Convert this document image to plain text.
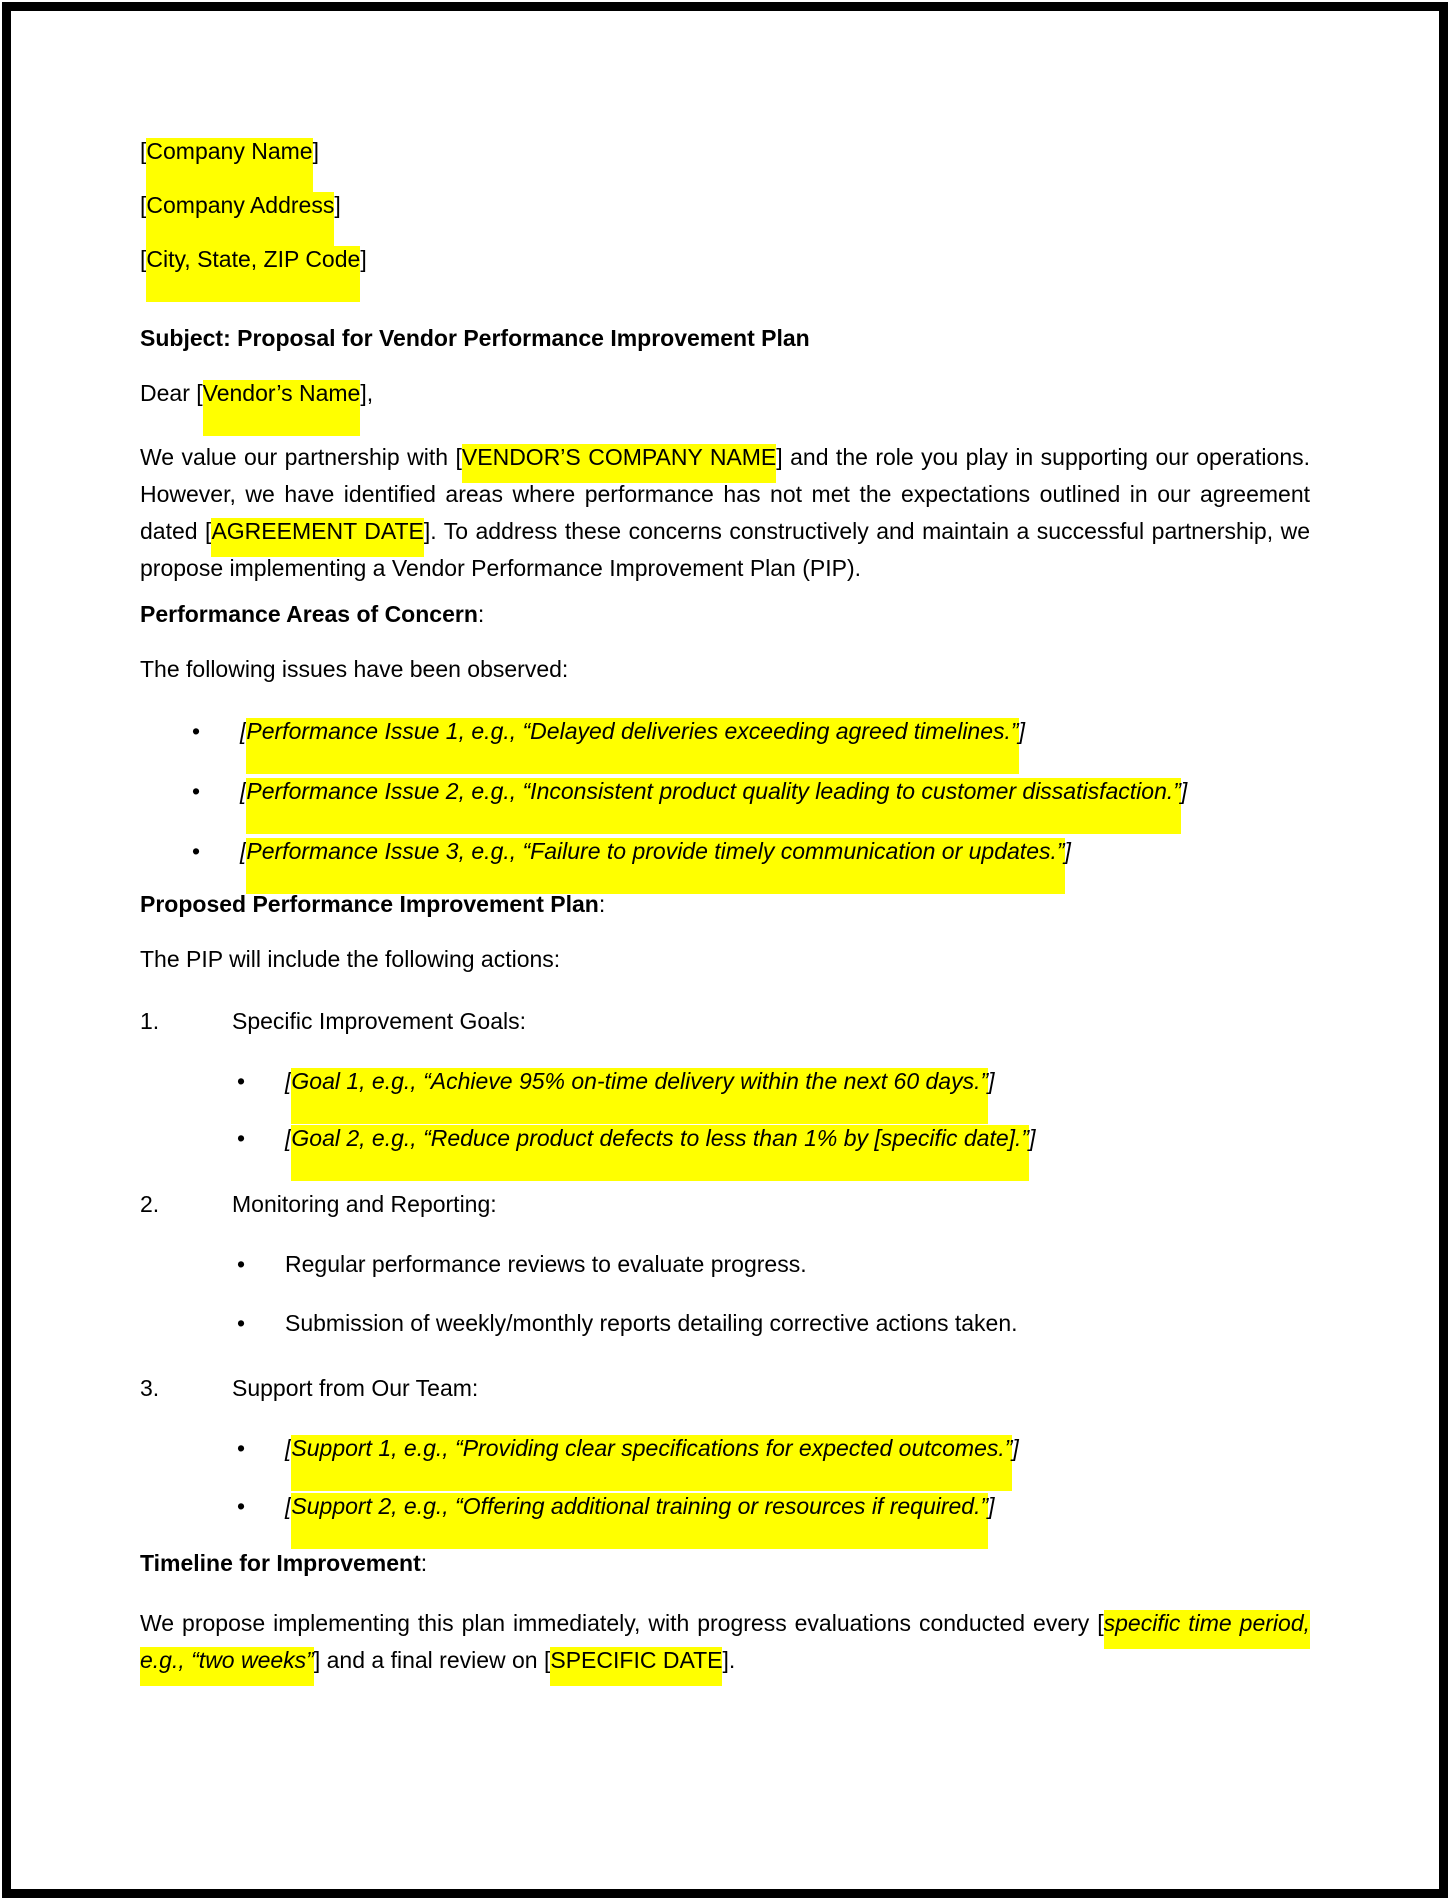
[Company Name]

[Company Address]

[City, State, ZIP Code]

Subject: Proposal for Vendor Performance Improvement Plan

Dear [Vendor’s Name],

We value our partnership with [VENDOR’S COMPANY NAME] and the role you play in supporting our operations. However, we have identified areas where performance has not met the expectations outlined in our agreement dated [AGREEMENT DATE]. To address these concerns constructively and maintain a successful partnership, we propose implementing a Vendor Performance Improvement Plan (PIP).

Performance Areas of Concern:

The following issues have been observed:

•	[Performance Issue 1, e.g., “Delayed deliveries exceeding agreed timelines.”]
•	[Performance Issue 2, e.g., “Inconsistent product quality leading to customer dissatisfaction.”]
•	[Performance Issue 3, e.g., “Failure to provide timely communication or updates.”]

Proposed Performance Improvement Plan:

The PIP will include the following actions:

1.	Specific Improvement Goals:
•	[Goal 1, e.g., “Achieve 95% on-time delivery within the next 60 days.”]
•	[Goal 2, e.g., “Reduce product defects to less than 1% by [specific date].”]
2.	Monitoring and Reporting:
•	Regular performance reviews to evaluate progress.
•	Submission of weekly/monthly reports detailing corrective actions taken.
3.	Support from Our Team:
•	[Support 1, e.g., “Providing clear specifications for expected outcomes.”]
•	[Support 2, e.g., “Offering additional training or resources if required.”]

Timeline for Improvement:

We propose implementing this plan immediately, with progress evaluations conducted every [specific time period, e.g., “two weeks”] and a final review on [SPECIFIC DATE].
